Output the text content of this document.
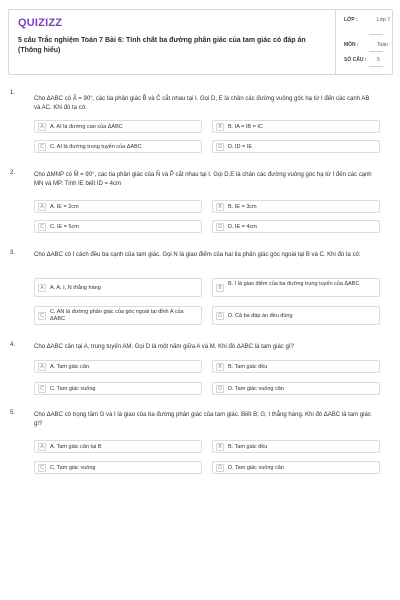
QUIZIZZ
5 câu Trắc nghiệm Toán 7 Bài 6: Tính chất ba đường phân giác của tam giác có đáp án (Thông hiểu)
LỚP :	Lớp 7
MÔN :	Toán
SỐ CÂU : 5
1.
Cho ΔABC có Â = 90°, các tia phân giác B̂ và Ĉ cắt nhau tại I. Gọi D, E là chân các đường vuông góc hạ từ I đến các cạnh AB và AC. Khi đó ta có:
A	A. AI là đường cao của ΔABC	B	B. IA = IB = IC
C	C. AI là đường trung tuyến của ΔABC	D	D. ID = IE
2.	Cho ΔMNP có M̂ = 90°, các tia phân giác của N̂ và P̂ cắt nhau tại I. Gọi D,E là chân các đường vuông góc hạ từ I đến các cạnh MN và MP. Tính IE biết ID = 4cm
A	A. IE = 2cm	B	B. IE = 3cm
C	C. IE = 5cm	D	D. IE = 4cm
3.	Cho ΔABC có I cách đều ba cạnh của tam giác. Gọi N là giao điểm của hai tia phân giác góc ngoài tại B và C. Khi đó ta có:
A	A. A, I, N thẳng hàng	B
B. I là giao điểm của ba đường trung tuyến của ΔABC
C
C. AN là đường phân giác của góc ngoài tại đỉnh A của ΔABC	D	D. Cả ba đáp án đều đúng
4.	Cho ΔABC cân tại A, trung tuyến AM. Gọi D là một năm giữa A và M. Khi đó ΔABC là tam giác gì?
A	A. Tam giác cân	B	B. Tam giác đều
C	C. Tam giác vuông	D	D. Tam giác vuông cân
5.	Cho ΔABC có trọng tâm G và I là giao của ba đường phân giác của tam giác. Biết B; G; I thẳng hàng. Khi đó ΔABC là tam giác gì?
A	A. Tam giác cân tại B	B	B. Tam giác đều
C	C. Tam giác vuông	D	D. Tam giác vuông cân
